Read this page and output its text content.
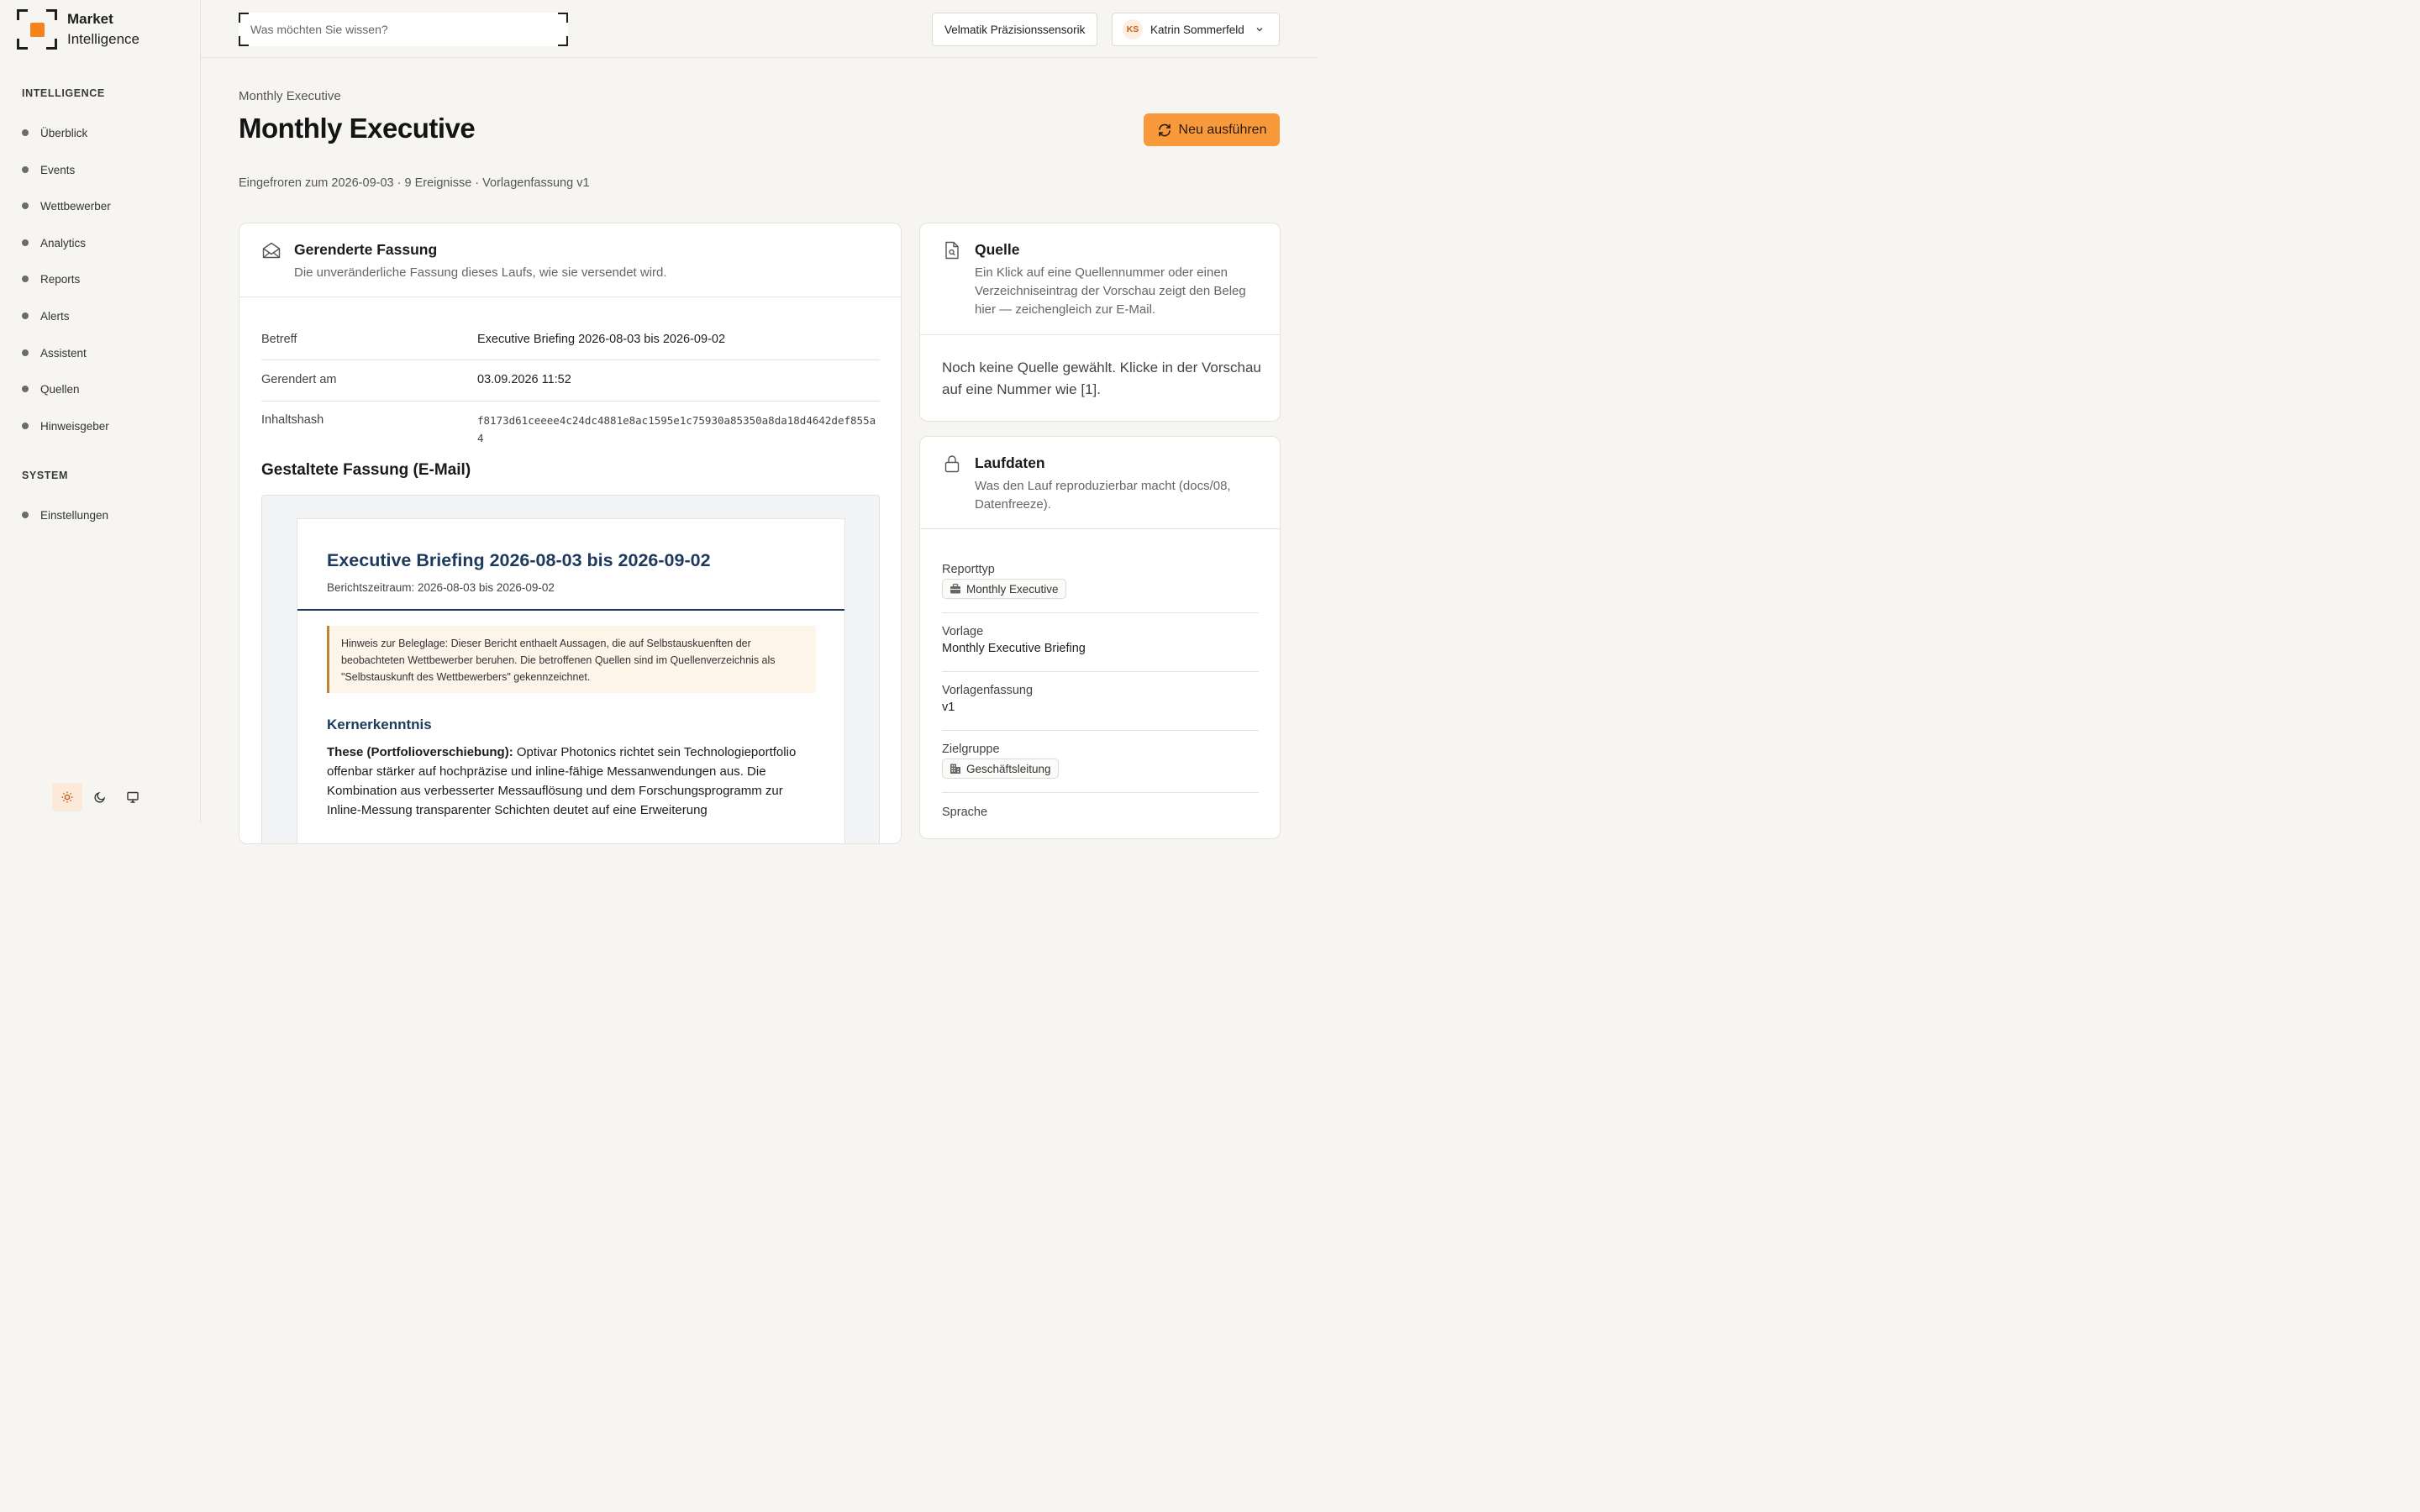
Market
Intelligence
INTELLIGENCE
Überblick
Events
Wettbewerber
Analytics
Reports
Alerts
Assistent
Quellen
Hinweisgeber
SYSTEM
Einstellungen
Was möchten Sie wissen?
Velmatik Präzisionssensorik	KS	Katrin Sommerfeld
Monthly Executive
Monthly Executive	Neu ausführen
Eingefroren zum 2026-09-03 · 9 Ereignisse · Vorlagenfassung v1
Gerenderte Fassung
Die unveränderliche Fassung dieses Laufs, wie sie versendet wird.
Betreff	Executive Briefing 2026-08-03 bis 2026-09-02
Gerendert am	03.09.2026 11:52
Inhaltshash	f8173d61ceeee4c24dc4881e8ac1595e1c75930a85350a8da18d4642def855a4
Gestaltete Fassung (E-Mail)
Executive Briefing 2026-08-03 bis 2026-09-02
Berichtszeitraum: 2026-08-03 bis 2026-09-02
Hinweis zur Beleglage: Dieser Bericht enthaelt Aussagen, die auf Selbstauskuenften der beobachteten Wettbewerber beruhen. Die betroffenen Quellen sind im Quellenverzeichnis als "Selbstauskunft des Wettbewerbers" gekennzeichnet.
Kernerkenntnis
These (Portfolioverschiebung): Optivar Photonics richtet sein Technologieportfolio offenbar stärker auf hochpräzise und inline-fähige Messanwendungen aus. Die Kombination aus verbesserter Messauflösung und dem Forschungsprogramm zur Inline-Messung transparenter Schichten deutet auf eine Erweiterung
Quelle
Ein Klick auf eine Quellennummer oder einen Verzeichniseintrag der Vorschau zeigt den Beleg hier — zeichengleich zur E-Mail.
Noch keine Quelle gewählt. Klicke in der Vorschau auf eine Nummer wie [1].
Laufdaten
Was den Lauf reproduzierbar macht (docs/08, Datenfreeze).
Reporttyp
Monthly Executive
Vorlage
Monthly Executive Briefing
Vorlagenfassung
v1
Zielgruppe
Geschäftsleitung
Sprache
